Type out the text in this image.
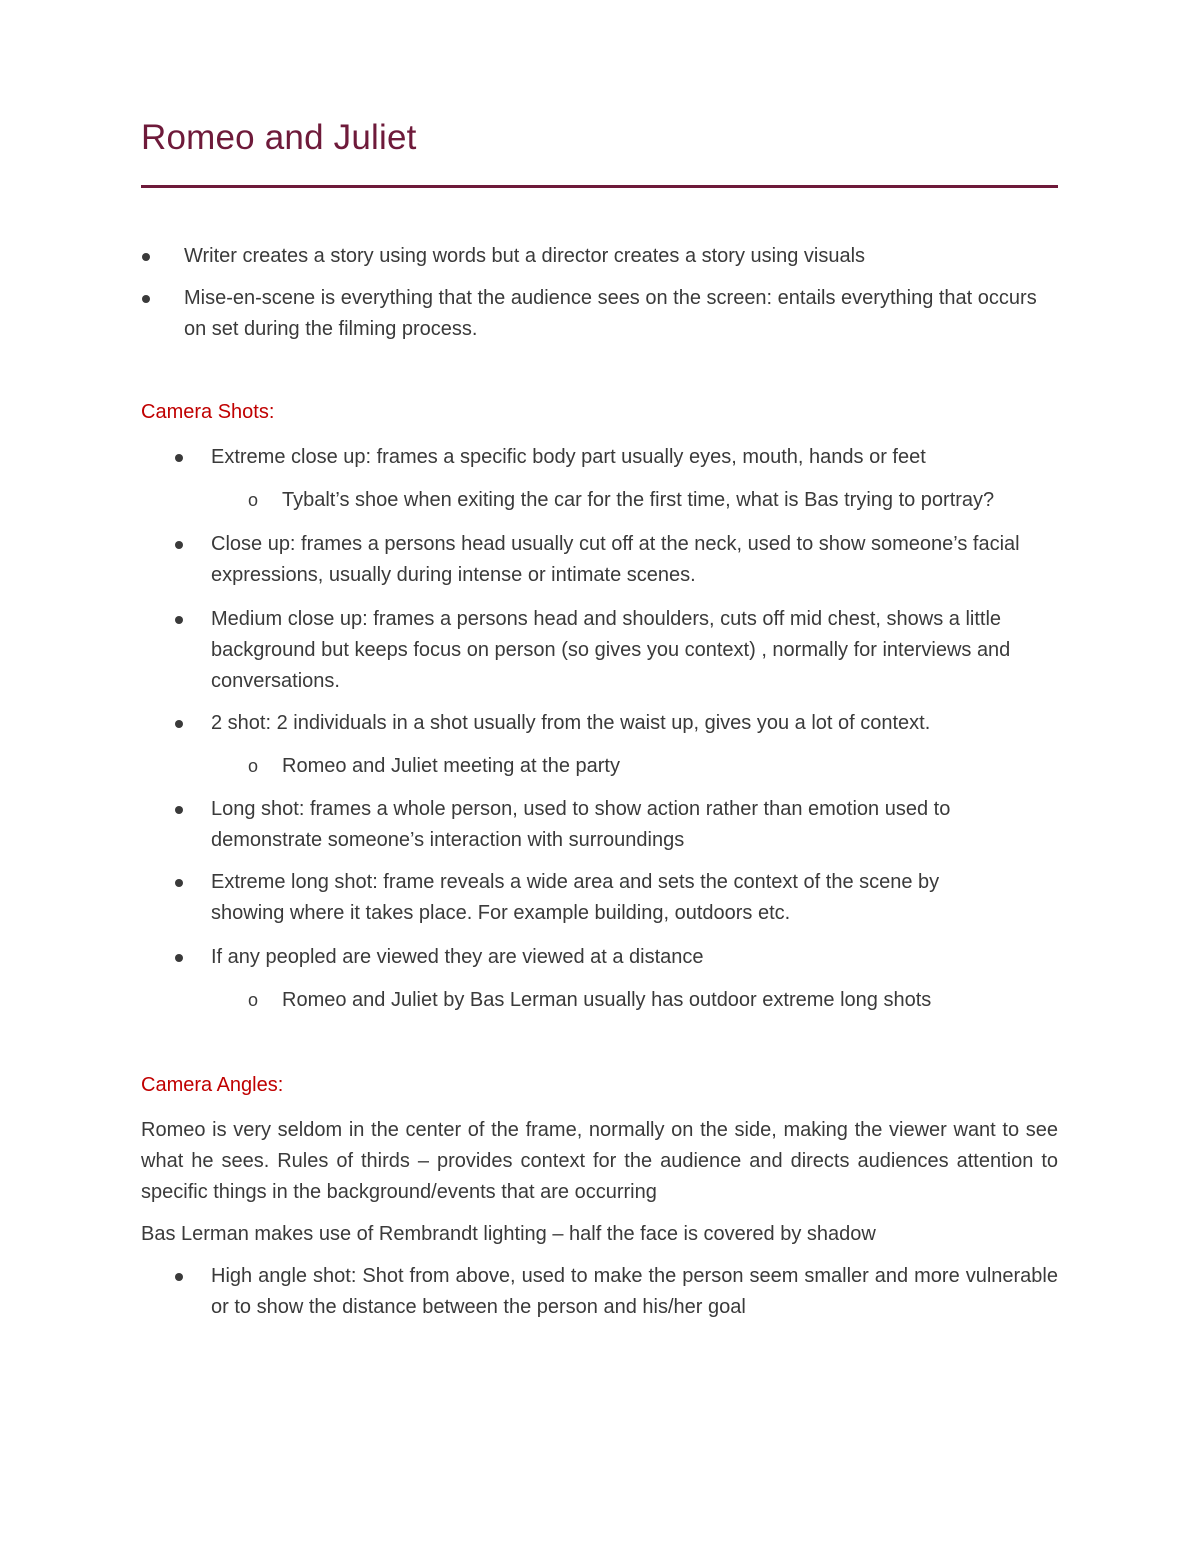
Romeo and Juliet
Writer creates a story using words but a director creates a story using visuals
Mise-en-scene is everything that the audience sees on the screen: entails everything that occurs on set during the filming process.
Camera Shots:
Extreme close up: frames a specific body part usually eyes, mouth, hands or feet
o Tybalt’s shoe when exiting the car for the first time, what is Bas trying to portray?
Close up: frames a persons head usually cut off at the neck, used to show someone’s facial expressions, usually during intense or intimate scenes.
Medium close up: frames a persons head and shoulders, cuts off mid chest, shows a little background but keeps focus on person (so gives you context) , normally for interviews and conversations.
2 shot: 2 individuals in a shot usually from the waist up, gives you a lot of context.
o Romeo and Juliet meeting at the party
Long shot: frames a whole person, used to show action rather than emotion used to demonstrate someone’s interaction with surroundings
Extreme long shot: frame reveals a wide area and sets the context of the scene by showing where it takes place. For example building, outdoors etc.
If any peopled are viewed they are viewed at a distance
o Romeo and Juliet by Bas Lerman usually has outdoor extreme long shots
Camera Angles:
Romeo is very seldom in the center of the frame, normally on the side, making the viewer want to see what he sees. Rules of thirds – provides context for the audience and directs audiences attention to specific things in the background/events that are occurring
Bas Lerman makes use of Rembrandt lighting – half the face is covered by shadow
High angle shot: Shot from above, used to make the person seem smaller and more vulnerable or to show the distance between the person and his/her goal
